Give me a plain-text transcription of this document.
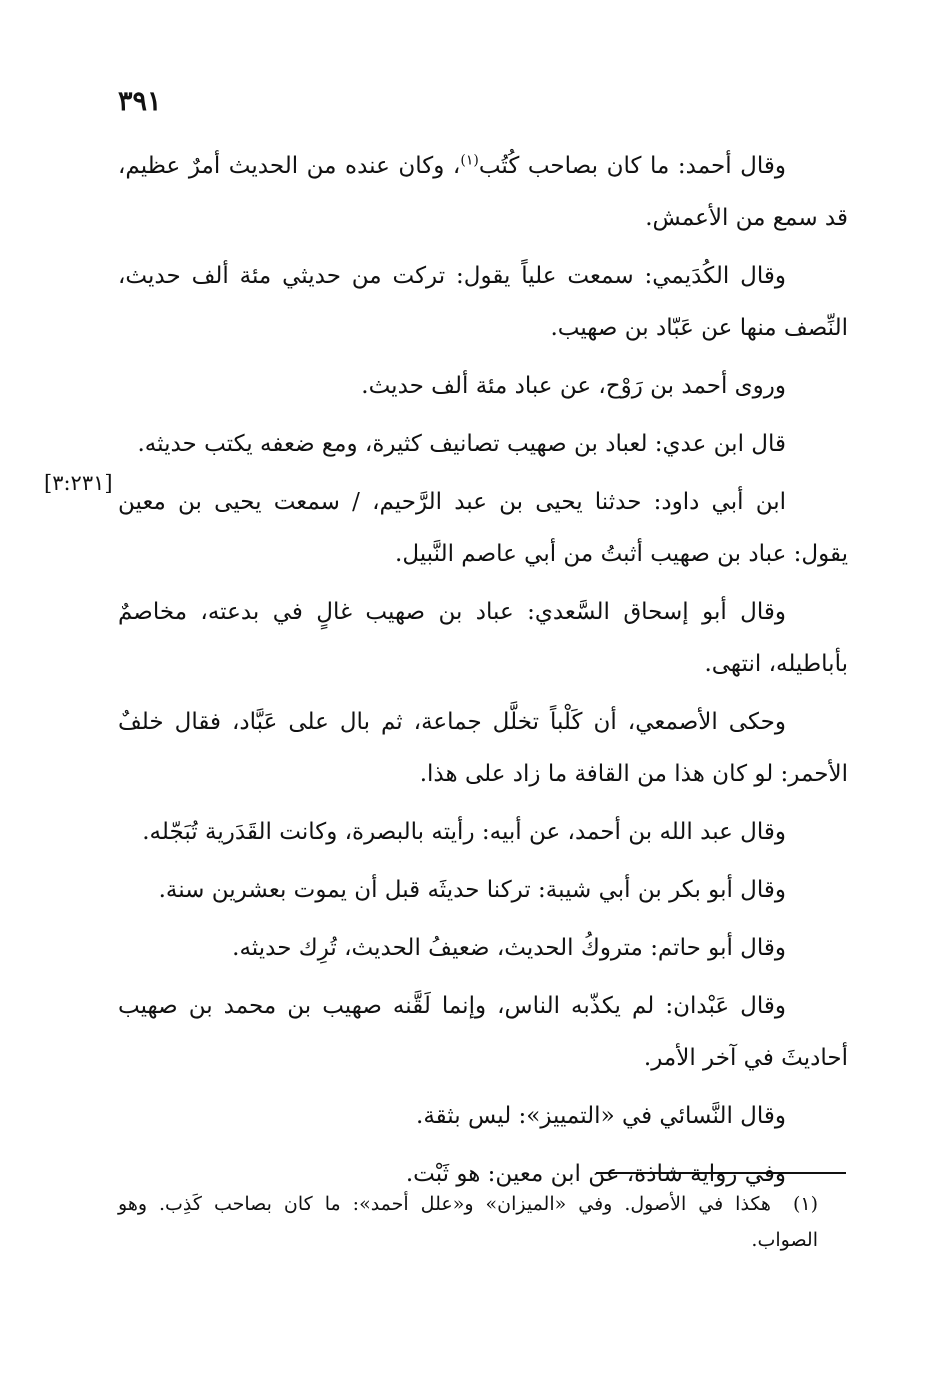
٣٩١
[٣:٢٣١]

وقال أحمد: ما كان بصاحب كُتُب$^{(١)}$، وكان عنده من الحديث أمرٌ عظيم، قد سمع من الأعمش.

وقال الكُدَيمي: سمعت علياً يقول: تركت من حديثي مئة ألف حديث، النِّصف منها عن عَبّاد بن صهيب.

وروى أحمد بن رَوْح، عن عباد مئة ألف حديث.

قال ابن عدي: لعباد بن صهيب تصانيف كثيرة، ومع ضعفه يكتب حديثه.

ابن أبي داود: حدثنا يحيى بن عبد الرَّحيم، / سمعت يحيى بن معين يقول: عباد بن صهيب أثبتُ من أبي عاصم النَّبيل.

وقال أبو إسحاق السَّعدي: عباد بن صهيب غالٍ في بدعته، مخاصمٌ بأباطيله، انتهى.

وحكى الأصمعي، أن كَلْباً تخلَّل جماعة، ثم بال على عَبَّاد، فقال خلفٌ الأحمر: لو كان هذا من القافة ما زاد على هذا.

وقال عبد الله بن أحمد، عن أبيه: رأيته بالبصرة، وكانت القَدَرية تُبَجّله.

وقال أبو بكر بن أبي شيبة: تركنا حديثَه قبل أن يموت بعشرين سنة.

وقال أبو حاتم: متروكُ الحديث، ضعيفُ الحديث، تُرِك حديثه.

وقال عَبْدان: لم يكذّبه الناس، وإنما لَقَّنه صهيب بن محمد بن صهيب أحاديثَ في آخر الأمر.

وقال النَّسائي في «التمييز»: ليس بثقة.

وفي رواية شاذة، عن ابن معين: هو ثَبْت.

(١) هكذا في الأصول. وفي «الميزان» و«علل أحمد»: ما كان بصاحب كَذِب. وهو الصواب.
